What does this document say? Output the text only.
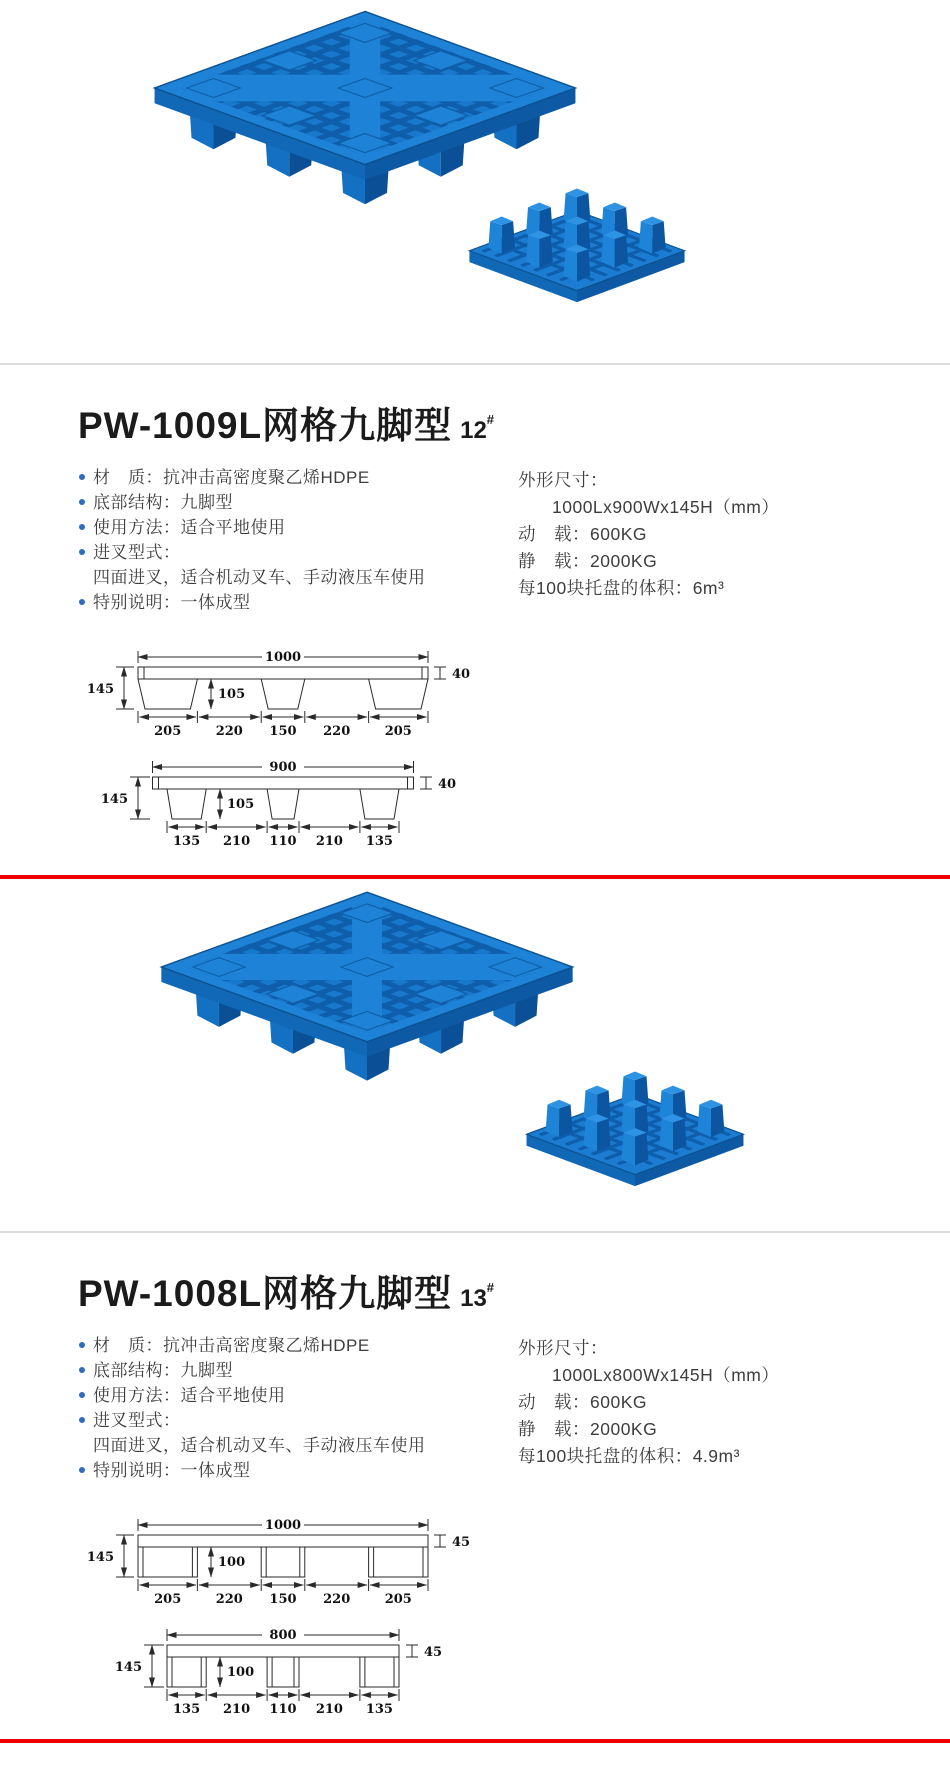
PW-1009L网格九脚型 12#
材　质：抗冲击高密度聚乙烯HDPE
底部结构：九脚型
使用方法：适合平地使用
进叉型式：
四面进叉，适合机动叉车、手动液压车使用
特别说明：一体成型
外形尺寸：
1000Lx900Wx145H（mm）
动　载：600KG
静　载：2000KG
每100块托盘的体积：6m³
1000
145	105
40
205	220 150 220	205
900
145	105
40
135 210 110 210 135
PW-1008L网格九脚型 13#
材　质：抗冲击高密度聚乙烯HDPE
底部结构：九脚型
使用方法：适合平地使用
进叉型式：
四面进叉，适合机动叉车、手动液压车使用
特别说明：一体成型
外形尺寸：
1000Lx800Wx145H（mm）
动　载：600KG
静　载：2000KG
每100块托盘的体积：4.9m³
1000
145	100
45
205	220 150 220	205
800
145	100
45
135 210 110 210 135
